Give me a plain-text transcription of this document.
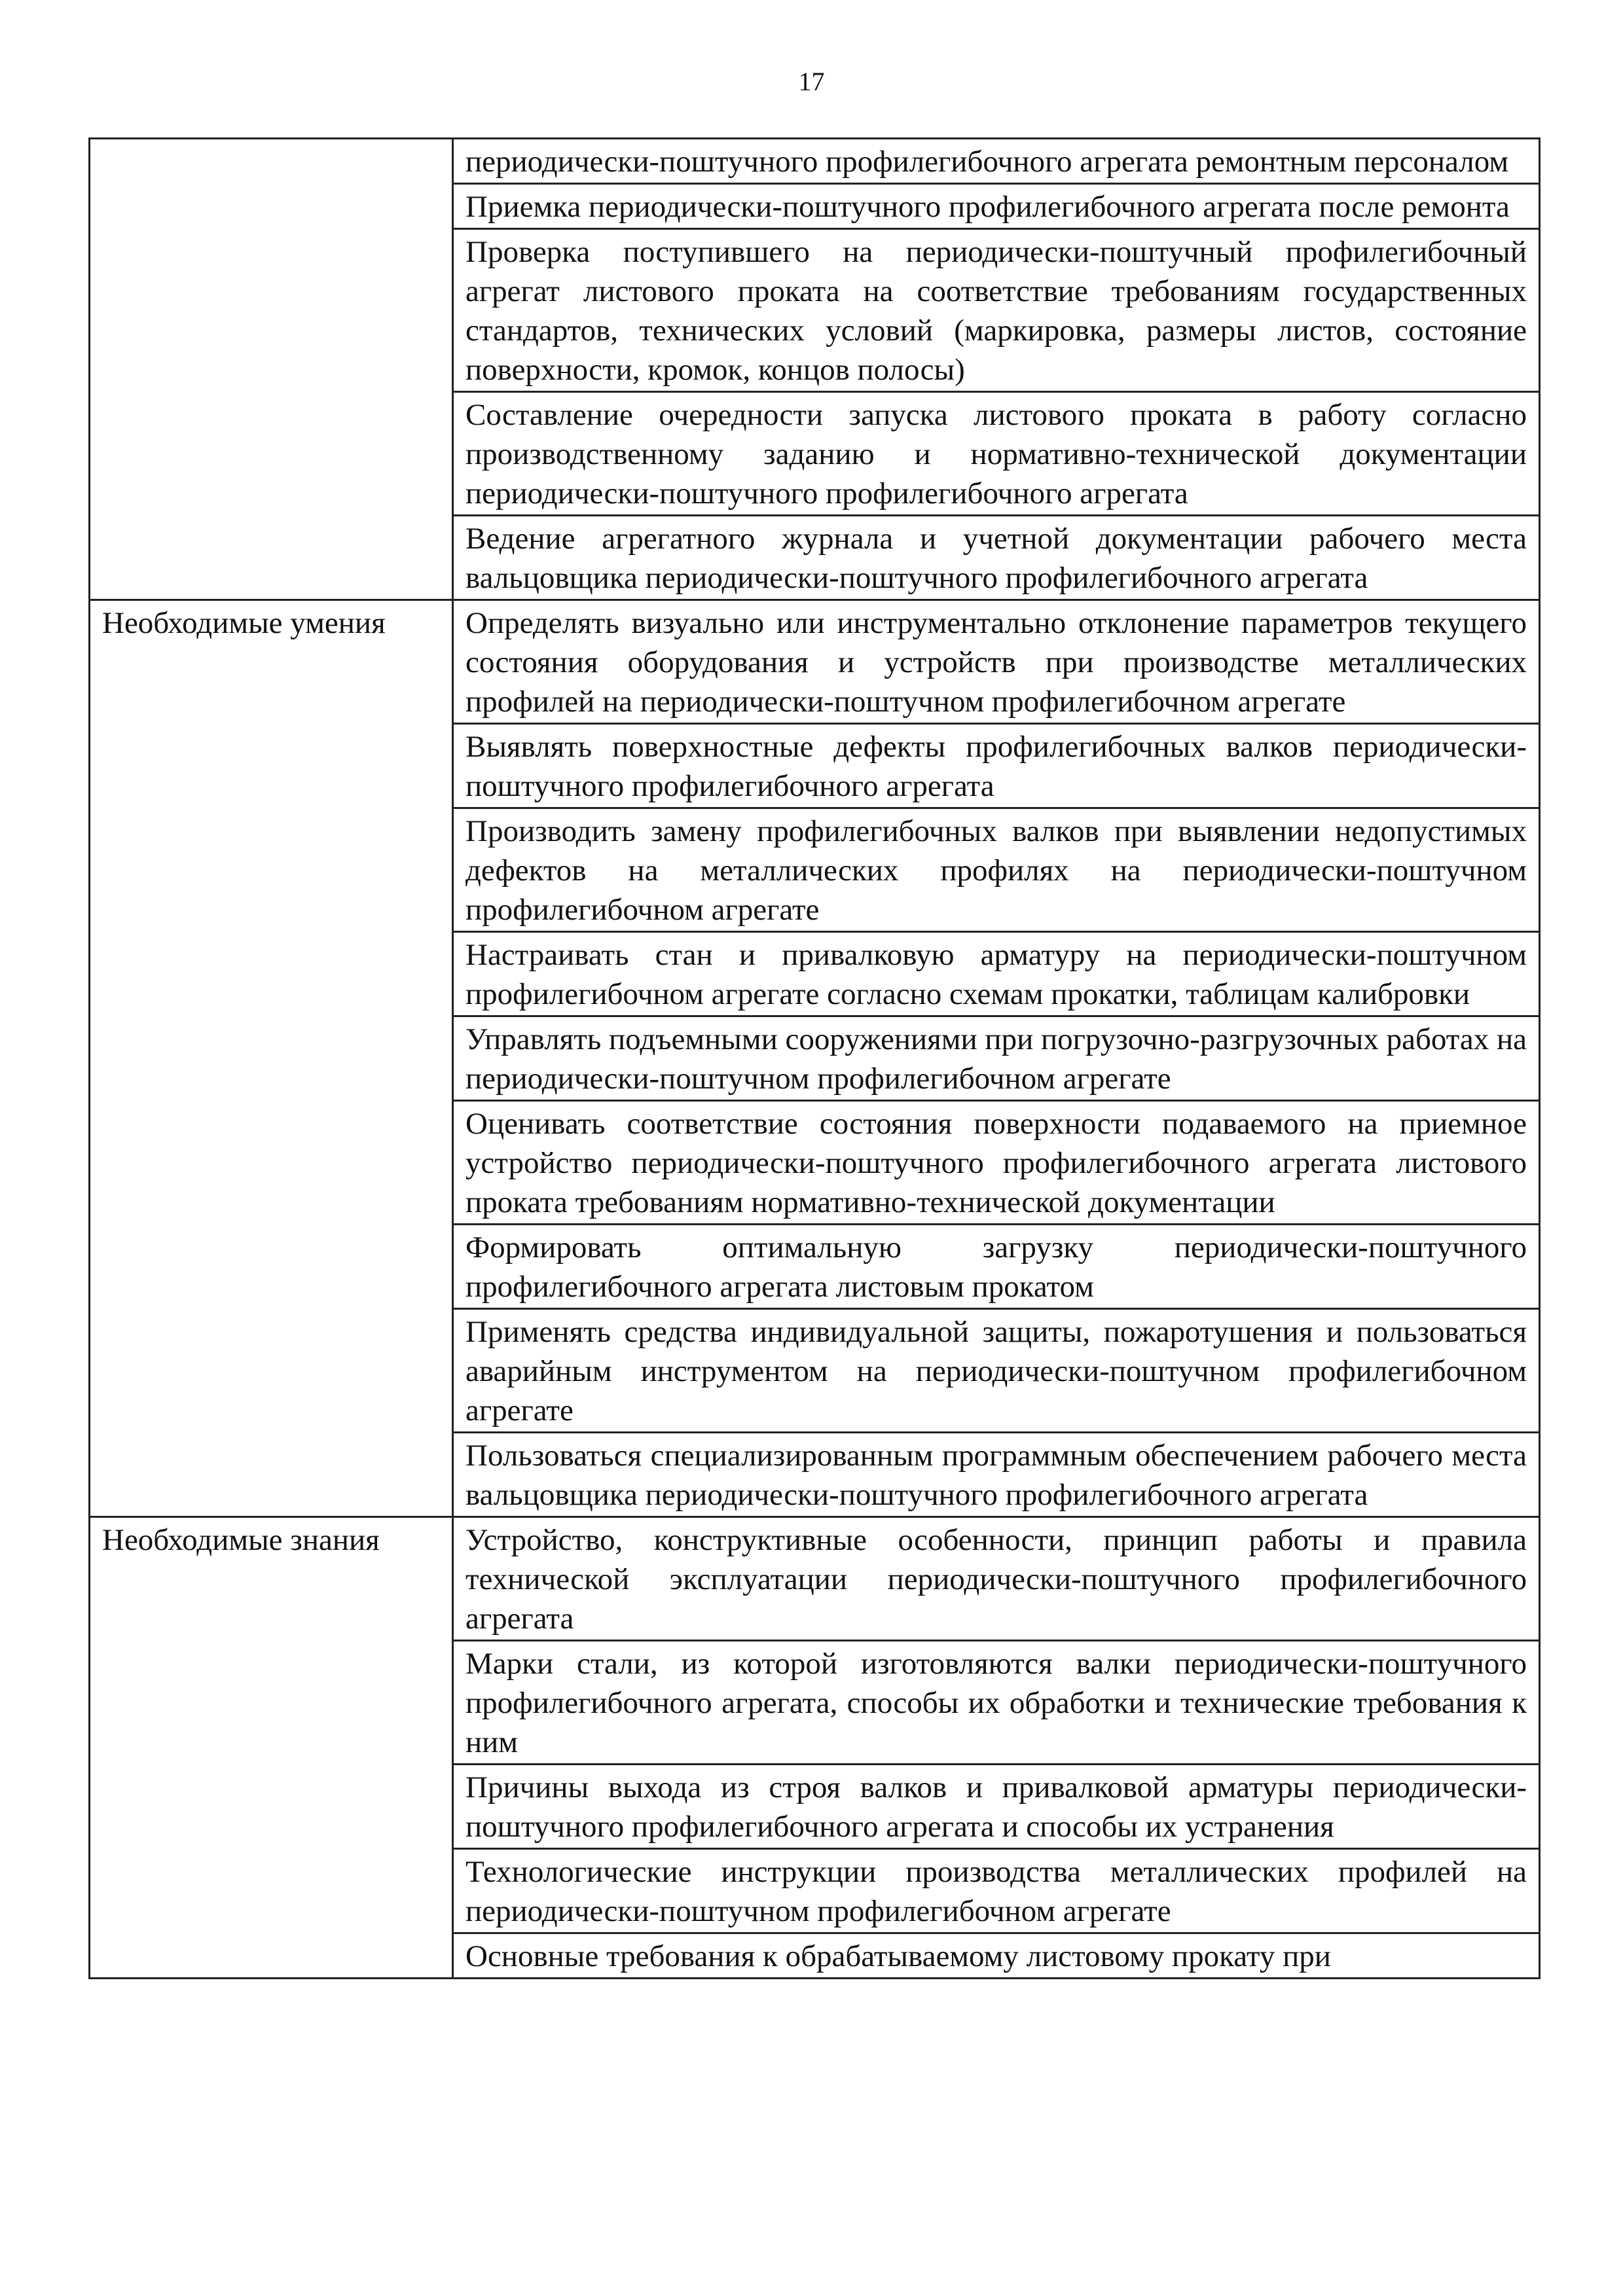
17
	периодически-поштучного профилегибочного агрегата ремонтным персоналом
	Приемка периодически-поштучного профилегибочного агрегата после ремонта
	Проверка поступившего на периодически-поштучный профилегибочный агрегат листового проката на соответствие требованиям государственных стандартов, технических условий (маркировка, размеры листов, состояние поверхности, кромок, концов полосы)
	Составление очередности запуска листового проката в работу согласно производственному заданию и нормативно-технической документации периодически-поштучного профилегибочного агрегата
	Ведение агрегатного журнала и учетной документации рабочего места вальцовщика периодически-поштучного профилегибочного агрегата
Необходимые умения	Определять визуально или инструментально отклонение параметров текущего состояния оборудования и устройств при производстве металлических профилей на периодически-поштучном профилегибочном агрегате
	Выявлять поверхностные дефекты профилегибочных валков периодически-поштучного профилегибочного агрегата
	Производить замену профилегибочных валков при выявлении недопустимых дефектов на металлических профилях на периодически-поштучном профилегибочном агрегате
	Настраивать стан и привалковую арматуру на периодически-поштучном профилегибочном агрегате согласно схемам прокатки, таблицам калибровки
	Управлять подъемными сооружениями при погрузочно-разгрузочных работах на периодически-поштучном профилегибочном агрегате
	Оценивать соответствие состояния поверхности подаваемого на приемное устройство периодически-поштучного профилегибочного агрегата листового проката требованиям нормативно-технической документации
	Формировать оптимальную загрузку периодически-поштучного профилегибочного агрегата листовым прокатом
	Применять средства индивидуальной защиты, пожаротушения и пользоваться аварийным инструментом на периодически-поштучном профилегибочном агрегате
	Пользоваться специализированным программным обеспечением рабочего места вальцовщика периодически-поштучного профилегибочного агрегата
Необходимые знания	Устройство, конструктивные особенности, принцип работы и правила технической эксплуатации периодически-поштучного профилегибочного агрегата
	Марки стали, из которой изготовляются валки периодически-поштучного профилегибочного агрегата, способы их обработки и технические требования к ним
	Причины выхода из строя валков и привалковой арматуры периодически-поштучного профилегибочного агрегата и способы их устранения
	Технологические инструкции производства металлических профилей на периодически-поштучном профилегибочном агрегате
	Основные требования к обрабатываемому листовому прокату при
